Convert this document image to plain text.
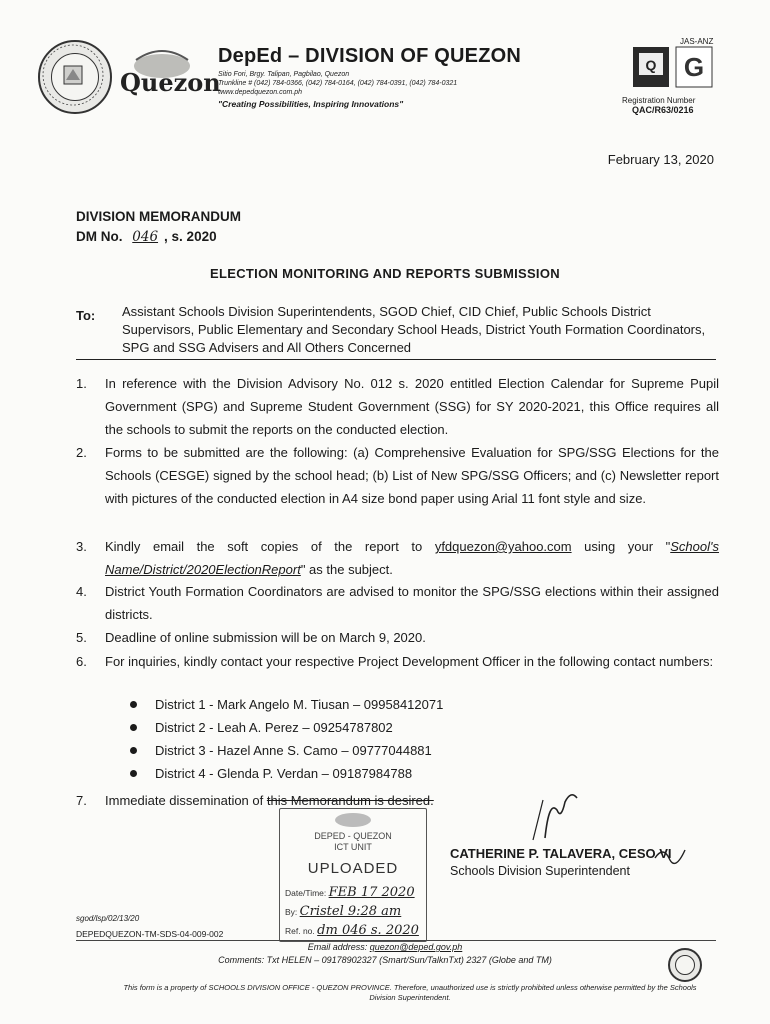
Quezon
DepEd – DIVISION OF QUEZON
Sitio Fori, Brgy. Talipan, Pagbilao, Quezon
Trunkline # (042) 784-0366, (042) 784-0164, (042) 784-0391, (042) 784-0321
www.depedquezon.com.ph
"Creating Possibilities, Inspiring Innovations"
JAS-ANZ
Q G
Registration Number
QAC/R63/0216
February 13, 2020
DIVISION MEMORANDUM
DM No. 046 , s. 2020
ELECTION MONITORING AND REPORTS SUBMISSION
To: Assistant Schools Division Superintendents, SGOD Chief, CID Chief, Public Schools District Supervisors, Public Elementary and Secondary School Heads, District Youth Formation Coordinators, SPG and SSG Advisers and All Others Concerned
1. In reference with the Division Advisory No. 012 s. 2020 entitled Election Calendar for Supreme Pupil Government (SPG) and Supreme Student Government (SSG) for SY 2020-2021, this Office requires all the schools to submit the reports on the conducted election.
2. Forms to be submitted are the following: (a) Comprehensive Evaluation for SPG/SSG Elections for the Schools (CESGE) signed by the school head; (b) List of New SPG/SSG Officers; and (c) Newsletter report with pictures of the conducted election in A4 size bond paper using Arial 11 font style and size.
3. Kindly email the soft copies of the report to yfdquezon@yahoo.com using your "School's Name/District/2020ElectionReport" as the subject.
4. District Youth Formation Coordinators are advised to monitor the SPG/SSG elections within their assigned districts.
5. Deadline of online submission will be on March 9, 2020.
6. For inquiries, kindly contact your respective Project Development Officer in the following contact numbers:
District 1 - Mark Angelo M. Tiusan – 09958412071
District 2 - Leah A. Perez – 09254787802
District 3 - Hazel Anne S. Camo – 09777044881
District 4 - Glenda P. Verdan – 09187984788
7. Immediate dissemination of this Memorandum is desired.
DEPED - QUEZON
ICT UNIT
UPLOADED
Date/Time: FEB 17 2020
By: Cristel 9:28 am
Ref. no. dm 046 s. 2020
CATHERINE P. TALAVERA, CESO VI
Schools Division Superintendent
sgod/lsp/02/13/20
DEPEDQUEZON-TM-SDS-04-009-002
Email address: quezon@deped.gov.ph
Comments: Txt HELEN – 09178902327 (Smart/Sun/TalknTxt) 2327 (Globe and TM)
This form is a property of SCHOOLS DIVISION OFFICE - QUEZON PROVINCE. Therefore, unauthorized use is strictly prohibited unless otherwise permitted by the Schools Division Superintendent.
